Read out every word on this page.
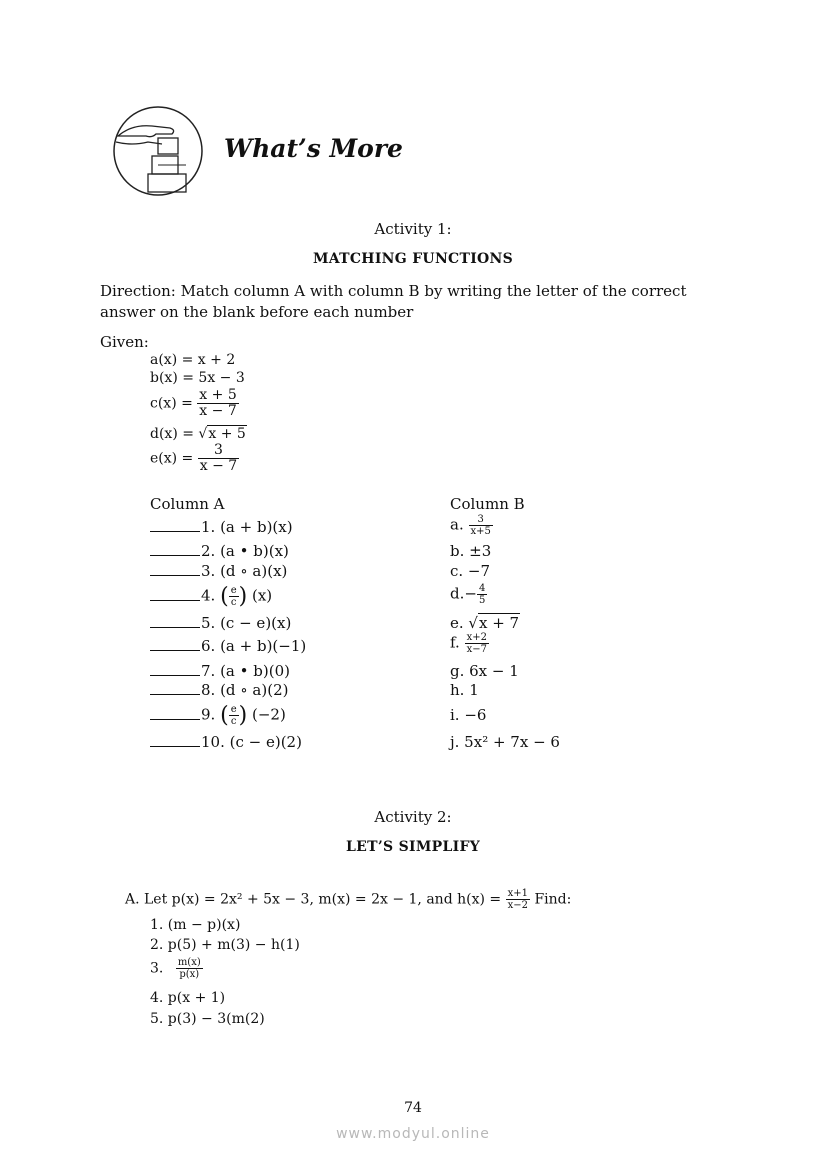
What’s More
Activity 1:
MATCHING FUNCTIONS
Direction: Match column A with column B by writing the letter of the correct answer on the blank before each number
Given:
a(x) = x + 2
b(x) = 5x − 3
$c(x) = \frac{x + 5}{x - 7}$
d(x) = √x + 5
$e(x) = \frac{3}{x - 7}$
Column A	Column B
1. (a + b)(x)
2. (a • b)(x)
3. (d ∘ a)(x)
4. ( $\frac{e}{c}$ ) (x)
5. (c − e)(x)
6. (a + b)(−1)
7. (a • b)(0)
8. (d ∘ a)(2)
9. ( $\frac{e}{c}$ ) (−2)
10. (c − e)(2)
a. $\frac{3}{x+5}$
b. ±3
c. −7
$d.- \frac{4}{5}$
e. √x + 7
f. $\frac{x+2}{x-7}$
g. 6x − 1
h. 1
i. −6
j. 5x² + 7x − 6
Activity 2:
LET’S SIMPLIFY
A. Let p(x) = 2x² + 5x − 3, m(x) = 2x − 1, and $h(x) = \frac{x+1}{x-2}$ Find:
1. (m − p)(x)
2. p(5) + m(3) − h(1)
3. $\frac{m(x)}{p(x)}$
4. p(x + 1)
5. p(3) − 3(m(2)
74
www.modyul.online
